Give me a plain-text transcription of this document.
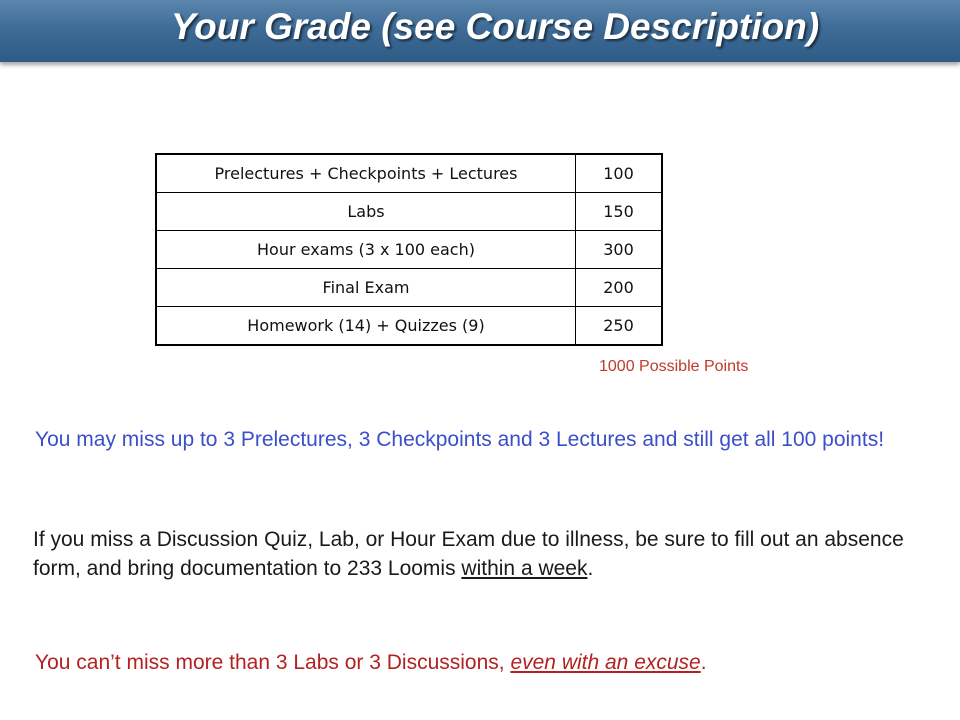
Your Grade (see Course Description)
Prelectures + Checkpoints + Lectures	100
Labs	150
Hour exams (3 x 100 each)	300
Final Exam	200
Homework (14) + Quizzes (9)	250
1000 Possible Points
You may miss up to 3 Prelectures, 3 Checkpoints and 3 Lectures and still get all 100 points!
If you miss a Discussion Quiz, Lab, or Hour Exam due to illness, be sure to fill out an absence form, and bring documentation to 233 Loomis within a week.
You can’t miss more than 3 Labs or 3 Discussions, even with an excuse.
